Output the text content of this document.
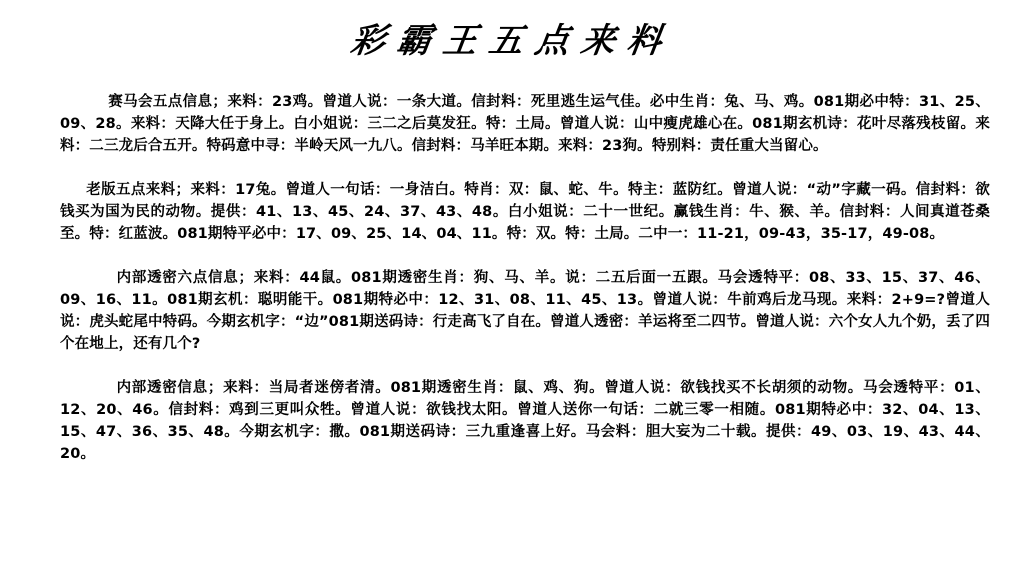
彩霸王五点来料
赛马会五点信息；来料：23鸡。曾道人说：一条大道。信封料：死里逃生运气佳。必中生肖：兔、马、鸡。081期必中特：31、25、09、28。来料：天降大任于身上。白小姐说：三二之后莫发狂。特：土局。曾道人说：山中瘦虎雄心在。081期玄机诗：花叶尽落残枝留。来料：二三龙后合五开。特码意中寻：半岭天风一九八。信封料：马羊旺本期。来料：23狗。特别料：责任重大当留心。
老版五点来料；来料：17兔。曾道人一句话：一身洁白。特肖：双：鼠、蛇、牛。特主：蓝防红。曾道人说：“动”字藏一码。信封料：欲钱买为国为民的动物。提供：41、13、45、24、37、43、48。白小姐说：二十一世纪。赢钱生肖：牛、猴、羊。信封料：人间真道苍桑至。特：红蓝波。081期特平必中：17、09、25、14、04、11。特：双。特：土局。二中一：11-21，09-43，35-17，49-08。
内部透密六点信息；来料：44鼠。081期透密生肖：狗、马、羊。说：二五后面一五跟。马会透特平：08、33、15、37、46、09、16、11。081期玄机：聪明能干。081期特必中：12、31、08、11、45、13。曾道人说：牛前鸡后龙马现。来料：2+9=?曾道人说：虎头蛇尾中特码。今期玄机字：“边”081期送码诗：行走高飞了自在。曾道人透密：羊运将至二四节。曾道人说：六个女人九个奶，丢了四个在地上，还有几个?
内部透密信息；来料：当局者迷傍者清。081期透密生肖：鼠、鸡、狗。曾道人说：欲钱找买不长胡须的动物。马会透特平：01、12、20、46。信封料：鸡到三更叫众牲。曾道人说：欲钱找太阳。曾道人送你一句话：二就三零一相随。081期特必中：32、04、13、15、47、36、35、48。今期玄机字：撒。081期送码诗：三九重逢喜上好。马会料：胆大妄为二十载。提供：49、03、19、43、44、20。
